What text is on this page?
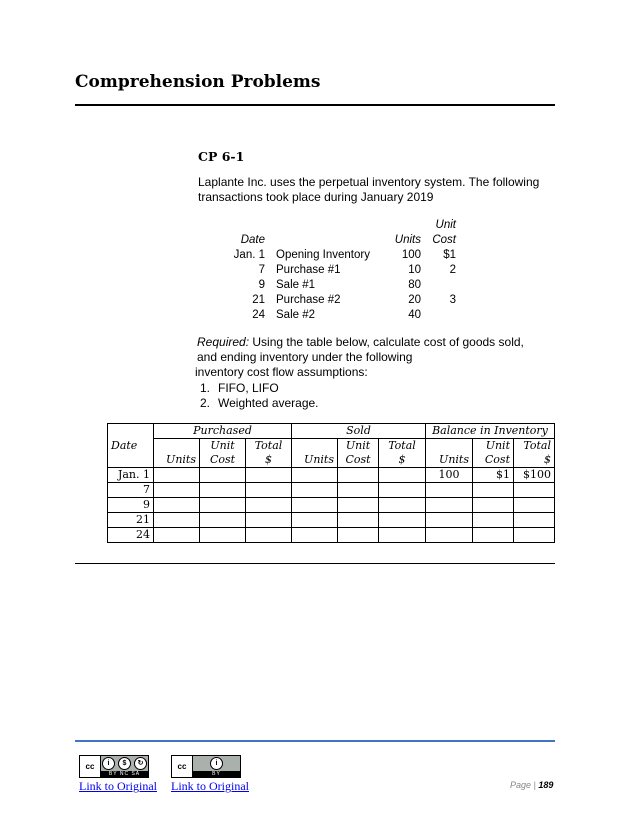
Comprehension Problems
CP 6-1
Laplante Inc. uses the perpetual inventory system. The following
transactions took place during January 2019
			Unit
Date		Units	Cost
Jan. 1	Opening Inventory	100	$1
7	Purchase #1	10	2
9	Sale #1	80	
21	Purchase #2	20	3
24	Sale #2	40	
Required: Using the table below, calculate cost of goods sold,
and ending inventory under the following
inventory cost flow assumptions:
1. FIFO, LIFO
2. Weighted average.
	Purchased			Sold			Balance in Inventory		
Date		Unit	Total		Unit	Total		Unit	Total
	Units	Cost	$	Units	Cost	$	Units	Cost	$
Jan. 1							100	$1	$100
7									
9									
21									
24									
cc	i	$	↻
BY NC SA
cc	i
BY
Link to Original Link to Original	Page | 189
